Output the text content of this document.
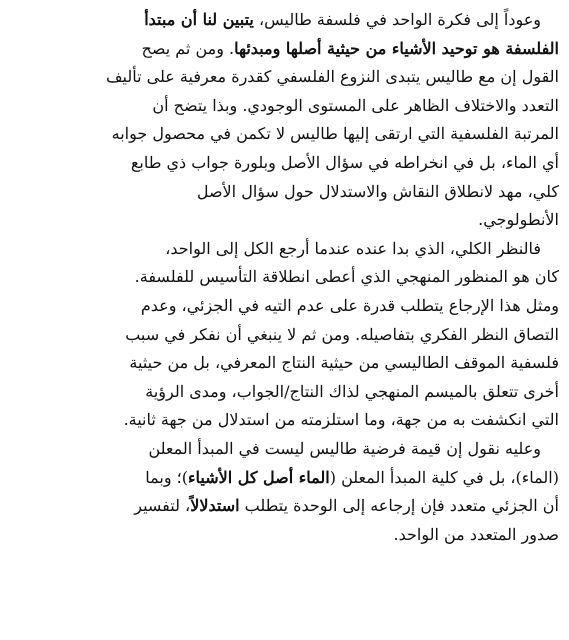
وعوداً إلى فكرة الواحد في فلسفة طاليس، يتبين لنا أن مبتدأ
الفلسفة هو توحيد الأشياء من حيثية أصلها ومبدئها. ومن ثم يصح
القول إن مع طاليس يتبدى النزوع الفلسفي كقدرة معرفية على تأليف
التعدد والاختلاف الظاهر على المستوى الوجودي. وبذا يتضح أن
المرتبة الفلسفية التي ارتقى إليها طاليس لا تكمن في محصول جوابه
أي الماء، بل في انخراطه في سؤال الأصل وبلورة جواب ذي طابع
كلي، مهد لانطلاق النقاش والاستدلال حول سؤال الأصل
الأنطولوجي.
فالنظر الكلي، الذي بدا عنده عندما أرجع الكل إلى الواحد،
كان هو المنظور المنهجي الذي أعطى انطلاقة التأسيس للفلسفة.
ومثل هذا الإرجاع يتطلب قدرة على عدم التيه في الجزئي، وعدم
التصاق النظر الفكري بتفاصيله. ومن ثم لا ينبغي أن نفكر في سبب
فلسفية الموقف الطاليسي من حيثية النتاج المعرفي، بل من حيثية
أخرى تتعلق بالميسم المنهجي لذاك النتاج/الجواب، ومدى الرؤية
التي انكشفت به من جهة، وما استلزمته من استدلال من جهة ثانية.
وعليه نقول إن قيمة فرضية طاليس ليست في المبدأ المعلن
(الماء)، بل في كلية المبدأ المعلن (الماء أصل كل الأشياء)؛ وبما
أن الجزئي متعدد فإن إرجاعه إلى الوحدة يتطلب استدلالاً، لتفسير
صدور المتعدد من الواحد.
